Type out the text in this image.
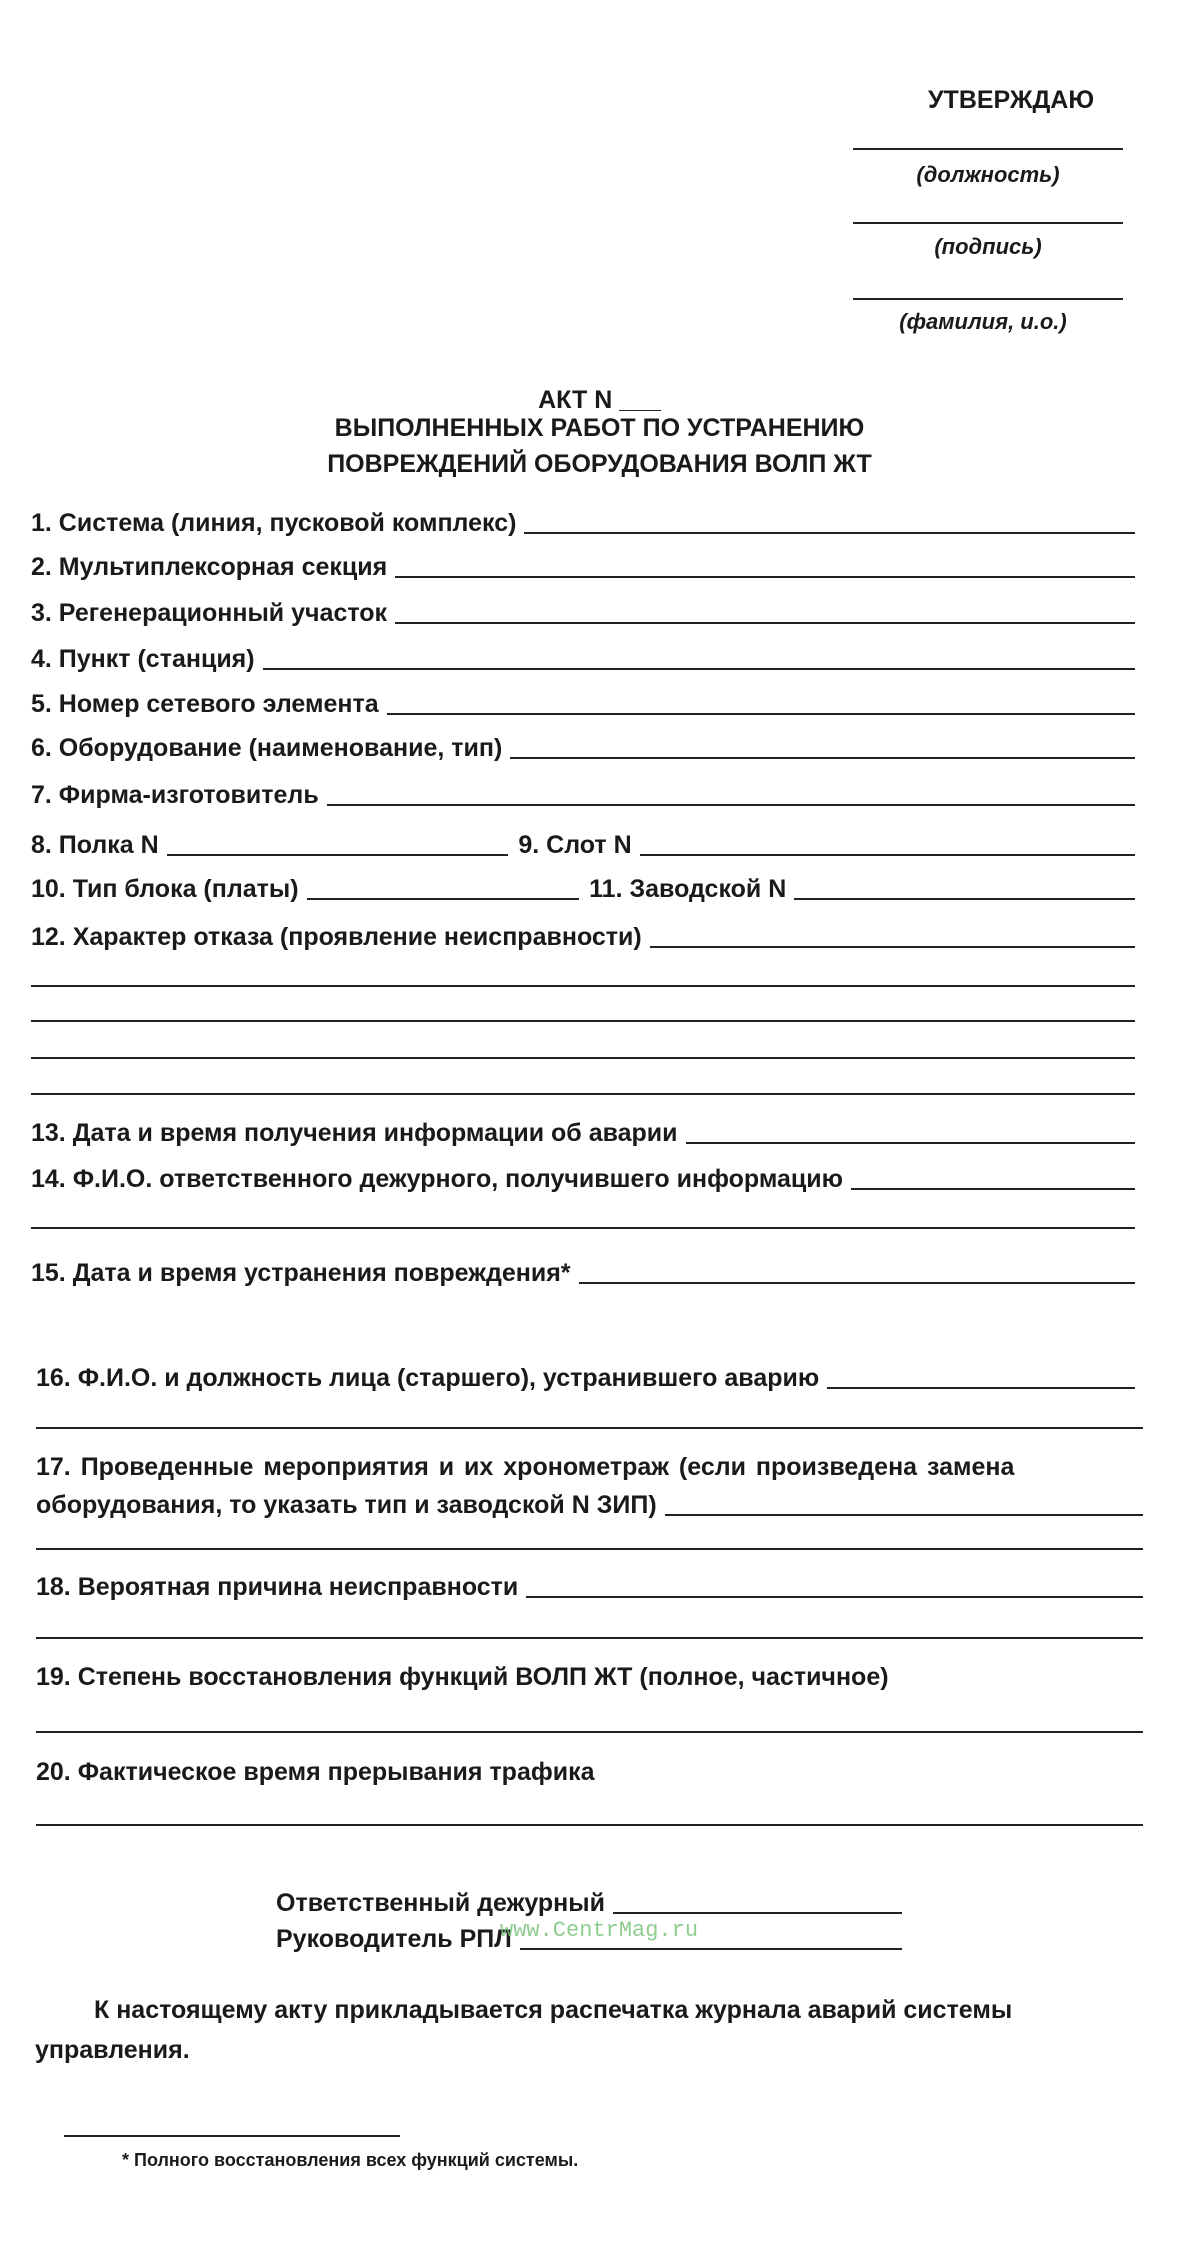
УТВЕРЖДАЮ
(должность)
(подпись)
(фамилия, и.о.)
АКТ N ___
ВЫПОЛНЕННЫХ РАБОТ ПО УСТРАНЕНИЮ
ПОВРЕЖДЕНИЙ ОБОРУДОВАНИЯ ВОЛП ЖТ
1. Система (линия, пусковой комплекс)
2. Мультиплексорная секция
3. Регенерационный участок
4. Пункт (станция)
5. Номер сетевого элемента
6. Оборудование (наименование, тип)
7. Фирма-изготовитель
8. Полка N	9. Слот N
10. Тип блока (платы)	11. Заводской N
12. Характер отказа (проявление неисправности)
13. Дата и время получения информации об аварии
14. Ф.И.О. ответственного дежурного, получившего информацию
15. Дата и время устранения повреждения*
16. Ф.И.О. и должность лица (старшего), устранившего аварию
17. Проведенные мероприятия и их хронометраж (если произведена замена
оборудования, то указать тип и заводской N ЗИП)
18. Вероятная причина неисправности
19. Степень восстановления функций ВОЛП ЖТ (полное, частичное)
20. Фактическое время прерывания трафика
Ответственный дежурный
Руководитель РПЛ
www.CentrMag.ru
К настоящему акту прикладывается распечатка журнала аварий системы
управления.
* Полного восстановления всех функций системы.
